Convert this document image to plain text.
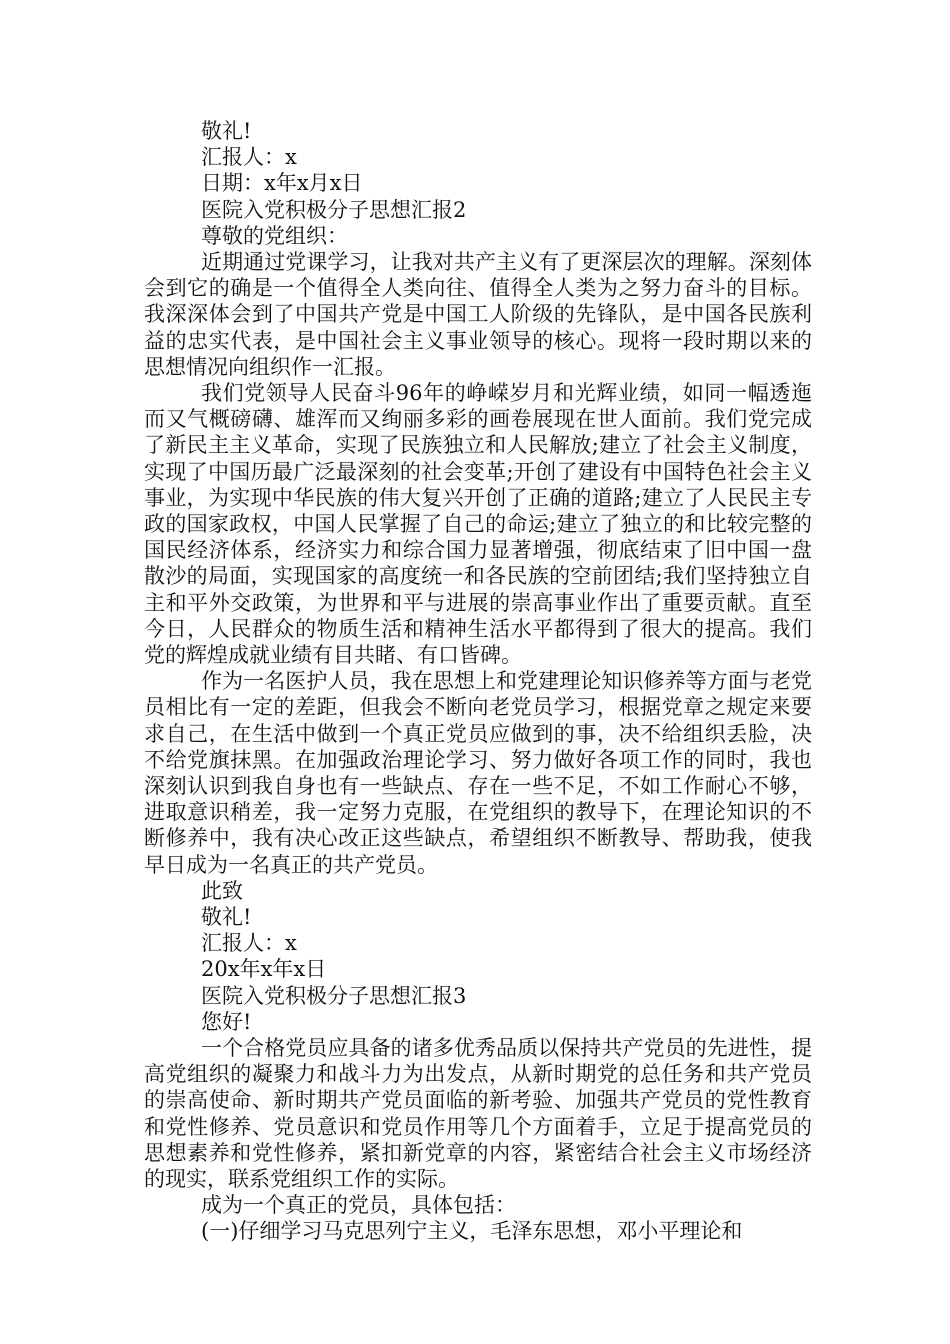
敬礼!
汇报人：x
日期：x年x月x日
医院入党积极分子思想汇报2
尊敬的党组织：

近期通过党课学习，让我对共产主义有了更深层次的理解。深刻体会到它的确是一个值得全人类向往、值得全人类为之努力奋斗的目标。我深深体会到了中国共产党是中国工人阶级的先锋队，是中国各民族利益的忠实代表，是中国社会主义事业领导的核心。现将一段时期以来的思想情况向组织作一汇报。

我们党领导人民奋斗96年的峥嵘岁月和光辉业绩，如同一幅透迤而又气概磅礴、雄浑而又绚丽多彩的画卷展现在世人面前。我们党完成了新民主主义革命，实现了民族独立和人民解放;建立了社会主义制度，实现了中国历最广泛最深刻的社会变革;开创了建设有中国特色社会主义事业，为实现中华民族的伟大复兴开创了正确的道路;建立了人民民主专政的国家政权，中国人民掌握了自己的命运;建立了独立的和比较完整的国民经济体系，经济实力和综合国力显著增强，彻底结束了旧中国一盘散沙的局面，实现国家的高度统一和各民族的空前团结;我们坚持独立自主和平外交政策，为世界和平与进展的崇高事业作出了重要贡献。直至今日，人民群众的物质生活和精神生活水平都得到了很大的提高。我们党的辉煌成就业绩有目共睹、有口皆碑。

作为一名医护人员，我在思想上和党建理论知识修养等方面与老党员相比有一定的差距，但我会不断向老党员学习，根据党章之规定来要求自己，在生活中做到一个真正党员应做到的事，决不给组织丢脸，决不给党旗抹黑。在加强政治理论学习、努力做好各项工作的同时，我也深刻认识到我自身也有一些缺点、存在一些不足，不如工作耐心不够，进取意识稍差，我一定努力克服，在党组织的教导下，在理论知识的不断修养中，我有决心改正这些缺点，希望组织不断教导、帮助我，使我早日成为一名真正的共产党员。

此致
敬礼!
汇报人：x
20x年x年x日
医院入党积极分子思想汇报3
您好!

一个合格党员应具备的诸多优秀品质以保持共产党员的先进性，提高党组织的凝聚力和战斗力为出发点，从新时期党的总任务和共产党员的崇高使命、新时期共产党员面临的新考验、加强共产党员的党性教育和党性修养、党员意识和党员作用等几个方面着手，立足于提高党员的思想素养和党性修养，紧扣新党章的内容，紧密结合社会主义市场经济的现实，联系党组织工作的实际。

成为一个真正的党员，具体包括：

(一)仔细学习马克思列宁主义，毛泽东思想，邓小平理论和
